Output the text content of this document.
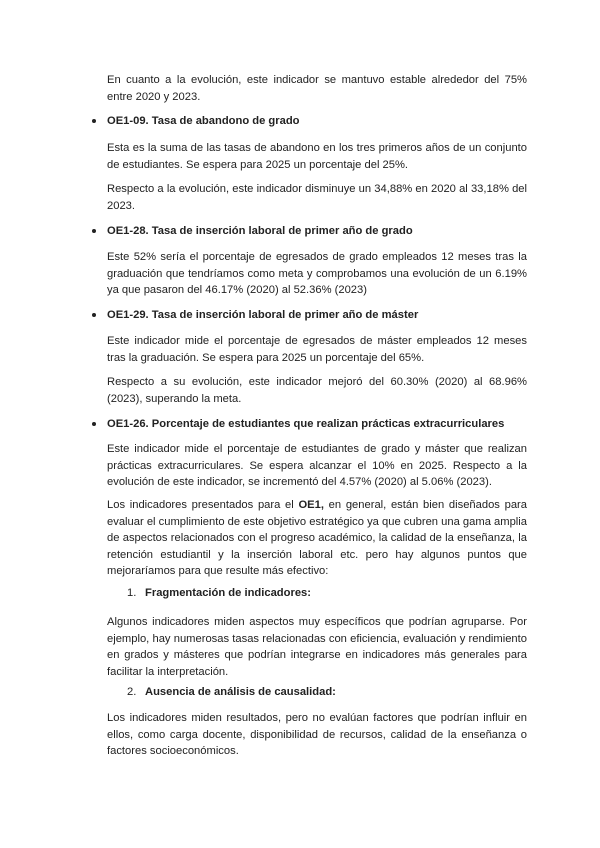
En cuanto a la evolución, este indicador se mantuvo estable alrededor del 75% entre 2020 y 2023.

OE1-09. Tasa de abandono de grado

Esta es la suma de las tasas de abandono en los tres primeros años de un conjunto de estudiantes. Se espera para 2025 un porcentaje del 25%.

Respecto a la evolución, este indicador disminuye un 34,88% en 2020 al 33,18% del 2023.

OE1-28. Tasa de inserción laboral de primer año de grado

Este 52% sería el porcentaje de egresados de grado empleados 12 meses tras la graduación que tendríamos como meta y comprobamos una evolución de un 6.19% ya que pasaron del 46.17% (2020) al 52.36% (2023)

OE1-29. Tasa de inserción laboral de primer año de máster

Este indicador mide el porcentaje de egresados de máster empleados 12 meses tras la graduación. Se espera para 2025 un porcentaje del 65%.

Respecto a su evolución, este indicador mejoró del 60.30% (2020) al 68.96% (2023), superando la meta.

OE1-26. Porcentaje de estudiantes que realizan prácticas extracurriculares

Este indicador mide el porcentaje de estudiantes de grado y máster que realizan prácticas extracurriculares. Se espera alcanzar el 10% en 2025. Respecto a la evolución de este indicador, se incrementó del 4.57% (2020) al 5.06% (2023).

Los indicadores presentados para el OE1, en general, están bien diseñados para evaluar el cumplimiento de este objetivo estratégico ya que cubren una gama amplia de aspectos relacionados con el progreso académico, la calidad de la enseñanza, la retención estudiantil y la inserción laboral etc. pero hay algunos puntos que mejoraríamos para que resulte más efectivo:

1. Fragmentación de indicadores:

Algunos indicadores miden aspectos muy específicos que podrían agruparse. Por ejemplo, hay numerosas tasas relacionadas con eficiencia, evaluación y rendimiento en grados y másteres que podrían integrarse en indicadores más generales para facilitar la interpretación.

2. Ausencia de análisis de causalidad:

Los indicadores miden resultados, pero no evalúan factores que podrían influir en ellos, como carga docente, disponibilidad de recursos, calidad de la enseñanza o factores socioeconómicos.
